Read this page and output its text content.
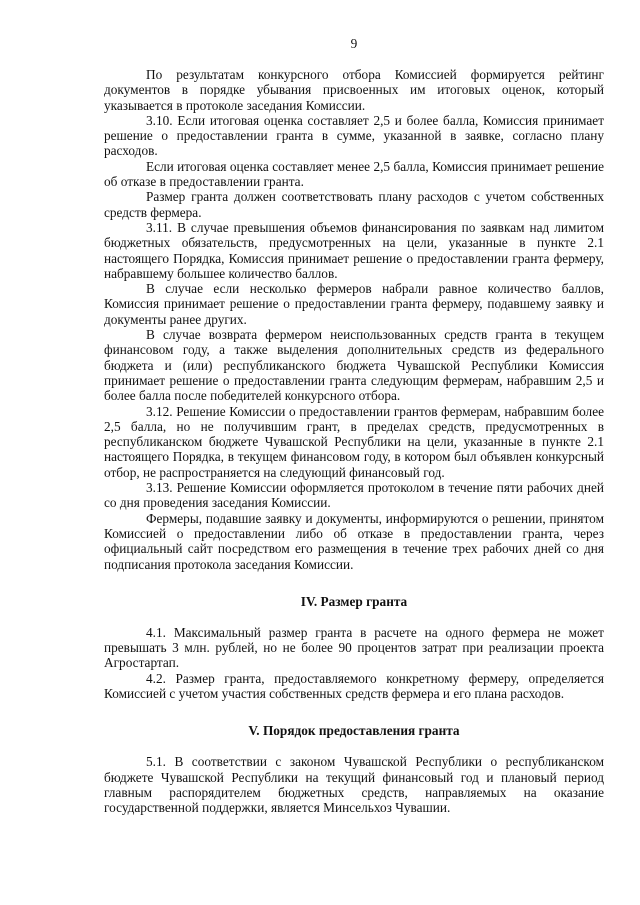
9

По результатам конкурсного отбора Комиссией формируется рейтинг документов в порядке убывания присвоенных им итоговых оценок, который указывается в протоколе заседания Комиссии.

3.10. Если итоговая оценка составляет 2,5 и более балла, Комиссия принимает решение о предоставлении гранта в сумме, указанной в заявке, согласно плану расходов.

Если итоговая оценка составляет менее 2,5 балла, Комиссия принимает решение об отказе в предоставлении гранта.

Размер гранта должен соответствовать плану расходов с учетом собственных средств фермера.

3.11. В случае превышения объемов финансирования по заявкам над лимитом бюджетных обязательств, предусмотренных на цели, указанные в пункте 2.1 настоящего Порядка, Комиссия принимает решение о предоставлении гранта фермеру, набравшему большее количество баллов.

В случае если несколько фермеров набрали равное количество баллов, Комиссия принимает решение о предоставлении гранта фермеру, подавшему заявку и документы ранее других.

В случае возврата фермером неиспользованных средств гранта в текущем финансовом году, а также выделения дополнительных средств из федерального бюджета и (или) республиканского бюджета Чувашской Республики Комиссия принимает решение о предоставлении гранта следующим фермерам, набравшим 2,5 и более балла после победителей конкурсного отбора.

3.12. Решение Комиссии о предоставлении грантов фермерам, набравшим более 2,5 балла, но не получившим грант, в пределах средств, предусмотренных в республиканском бюджете Чувашской Республики на цели, указанные в пункте 2.1 настоящего Порядка, в текущем финансовом году, в котором был объявлен конкурсный отбор, не распространяется на следующий финансовый год.

3.13. Решение Комиссии оформляется протоколом в течение пяти рабочих дней со дня проведения заседания Комиссии.

Фермеры, подавшие заявку и документы, информируются о решении, принятом Комиссией о предоставлении либо об отказе в предоставлении гранта, через официальный сайт посредством его размещения в течение трех рабочих дней со дня подписания протокола заседания Комиссии.

IV. Размер гранта

4.1. Максимальный размер гранта в расчете на одного фермера не может превышать 3 млн. рублей, но не более 90 процентов затрат при реализации проекта Агростартап.

4.2. Размер гранта, предоставляемого конкретному фермеру, определяется Комиссией с учетом участия собственных средств фермера и его плана расходов.

V. Порядок предоставления гранта

5.1. В соответствии с законом Чувашской Республики о республиканском бюджете Чувашской Республики на текущий финансовый год и плановый период главным распорядителем бюджетных средств, направляемых на оказание государственной поддержки, является Минсельхоз Чувашии.
